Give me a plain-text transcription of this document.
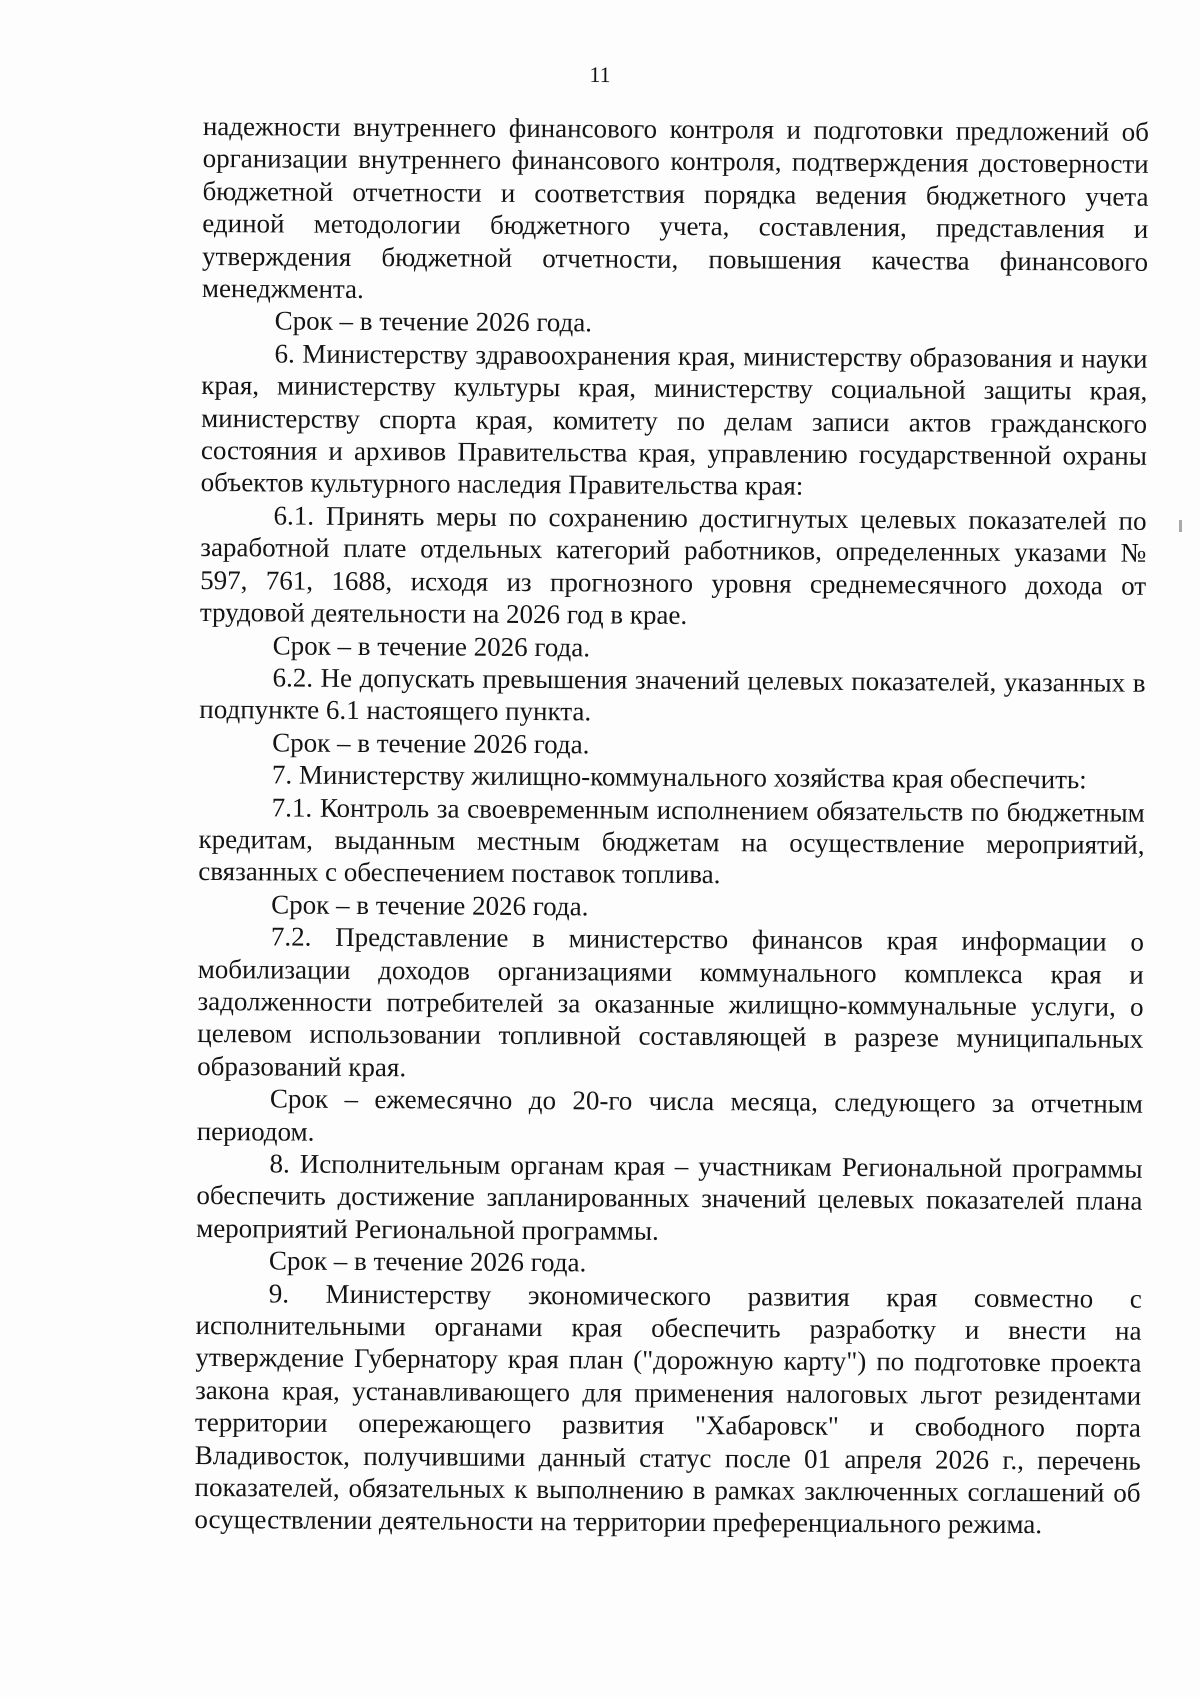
11

надежности внутреннего финансового контроля и подготовки предложений об организации внутреннего финансового контроля, подтверждения достоверности бюджетной отчетности и соответствия порядка ведения бюджетного учета единой методологии бюджетного учета, составления, представления и утверждения бюджетной отчетности, повышения качества финансового менеджмента.

Срок – в течение 2026 года.

6. Министерству здравоохранения края, министерству образования и науки края, министерству культуры края, министерству социальной защиты края, министерству спорта края, комитету по делам записи актов гражданского состояния и архивов Правительства края, управлению государственной охраны объектов культурного наследия Правительства края:

6.1. Принять меры по сохранению достигнутых целевых показателей по заработной плате отдельных категорий работников, определенных указами № 597, 761, 1688, исходя из прогнозного уровня среднемесячного дохода от трудовой деятельности на 2026 год в крае.

Срок – в течение 2026 года.

6.2. Не допускать превышения значений целевых показателей, указанных в подпункте 6.1 настоящего пункта.

Срок – в течение 2026 года.

7. Министерству жилищно-коммунального хозяйства края обеспечить:

7.1. Контроль за своевременным исполнением обязательств по бюджетным кредитам, выданным местным бюджетам на осуществление мероприятий, связанных с обеспечением поставок топлива.

Срок – в течение 2026 года.

7.2. Представление в министерство финансов края информации о мобилизации доходов организациями коммунального комплекса края и задолженности потребителей за оказанные жилищно-коммунальные услуги, о целевом использовании топливной составляющей в разрезе муниципальных образований края.

Срок – ежемесячно до 20-го числа месяца, следующего за отчетным периодом.

8. Исполнительным органам края – участникам Региональной программы обеспечить достижение запланированных значений целевых показателей плана мероприятий Региональной программы.

Срок – в течение 2026 года.

9. Министерству экономического развития края совместно с исполнительными органами края обеспечить разработку и внести на утверждение Губернатору края план ("дорожную карту") по подготовке проекта закона края, устанавливающего для применения налоговых льгот резидентами территории опережающего развития "Хабаровск" и свободного порта Владивосток, получившими данный статус после 01 апреля 2026 г., перечень показателей, обязательных к выполнению в рамках заключенных соглашений об осуществлении деятельности на территории преференциального режима.
